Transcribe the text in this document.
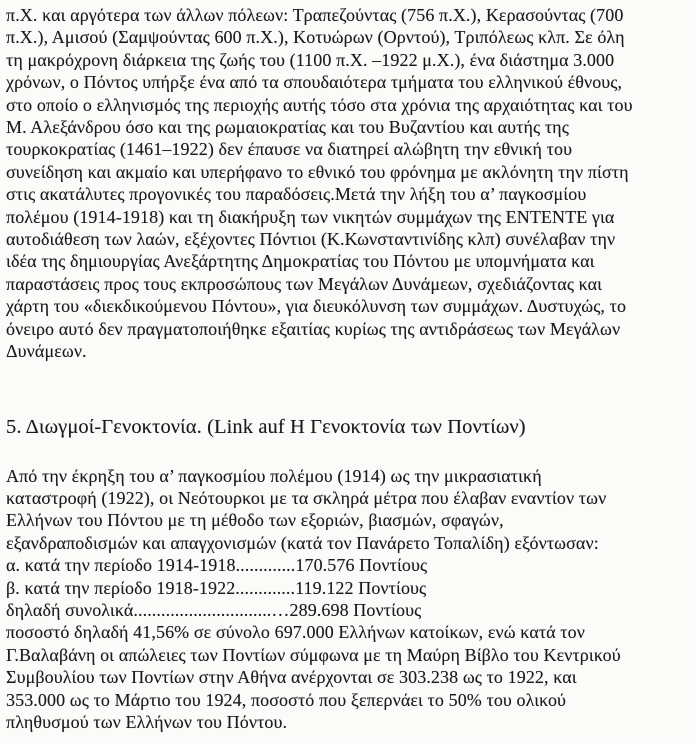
π.Χ. και αργότερα των άλλων πόλεων: Τραπεζούντας (756 π.Χ.), Κερασούντας (700

π.Χ.), Αμισού (Σαμψούντας 600 π.Χ.), Κοτυώρων (Ορντού), Τριπόλεως κλπ. Σε όλη

τη μακρόχρονη διάρκεια της ζωής του (1100 π.Χ. –1922 μ.Χ.), ένα διάστημα 3.000

χρόνων, ο Πόντος υπήρξε ένα από τα σπουδαιότερα τμήματα του ελληνικού έθνους,

στο οποίο ο ελληνισμός της περιοχής αυτής τόσο στα χρόνια της αρχαιότητας και του

Μ. Αλεξάνδρου όσο και της ρωμαιοκρατίας και του Βυζαντίου και αυτής της

τουρκοκρατίας (1461–1922) δεν έπαυσε να διατηρεί αλώβητη την εθνική του

συνείδηση και ακμαίο και υπερήφανο το εθνικό του φρόνημα με ακλόνητη την πίστη

στις ακατάλυτες προγονικές του παραδόσεις.Μετά την λήξη του α’ παγκοσμίου

πολέμου (1914-1918) και τη διακήρυξη των νικητών συμμάχων της ENTENTE για

αυτοδιάθεση των λαών, εξέχοντες Πόντιοι (Κ.Κωνσταντινίδης κλπ) συνέλαβαν την

ιδέα της δημιουργίας Ανεξάρτητης Δημοκρατίας του Πόντου με υπομνήματα και

παραστάσεις προς τους εκπροσώπους των Μεγάλων Δυνάμεων, σχεδιάζοντας και

χάρτη του «διεκδικούμενου Πόντου», για διευκόλυνση των συμμάχων. Δυστυχώς, το

όνειρο αυτό δεν πραγματοποιήθηκε εξαιτίας κυρίως της αντιδράσεως των Μεγάλων

Δυνάμεων.

5. Διωγμοί-Γενοκτονία. (Link auf Η Γενοκτονία των Ποντίων)

Από την έκρηξη του α’ παγκοσμίου πολέμου (1914) ως την μικρασιατική

καταστροφή (1922), οι Νεότουρκοι με τα σκληρά μέτρα που έλαβαν εναντίον των

Ελλήνων του Πόντου με τη μέθοδο των εξοριών, βιασμών, σφαγών,

εξανδραποδισμών και απαγχονισμών (κατά τον Πανάρετο Τοπαλίδη) εξόντωσαν:

α. κατά την περίοδο 1914-1918.............170.576 Ποντίους

β. κατά την περίοδο 1918-1922.............119.122 Ποντίους

δηλαδή συνολικά..............................…289.698 Ποντίους

ποσοστό δηλαδή 41,56% σε σύνολο 697.000 Ελλήνων κατοίκων, ενώ κατά τον

Γ.Βαλαβάνη οι απώλειες των Ποντίων σύμφωνα με τη Μαύρη Βίβλο του Κεντρικού

Συμβουλίου των Ποντίων στην Αθήνα ανέρχονται σε 303.238 ως το 1922, και

353.000 ως το Μάρτιο του 1924, ποσοστό που ξεπερνάει το 50% του ολικού

πληθυσμού των Ελλήνων του Πόντου.
